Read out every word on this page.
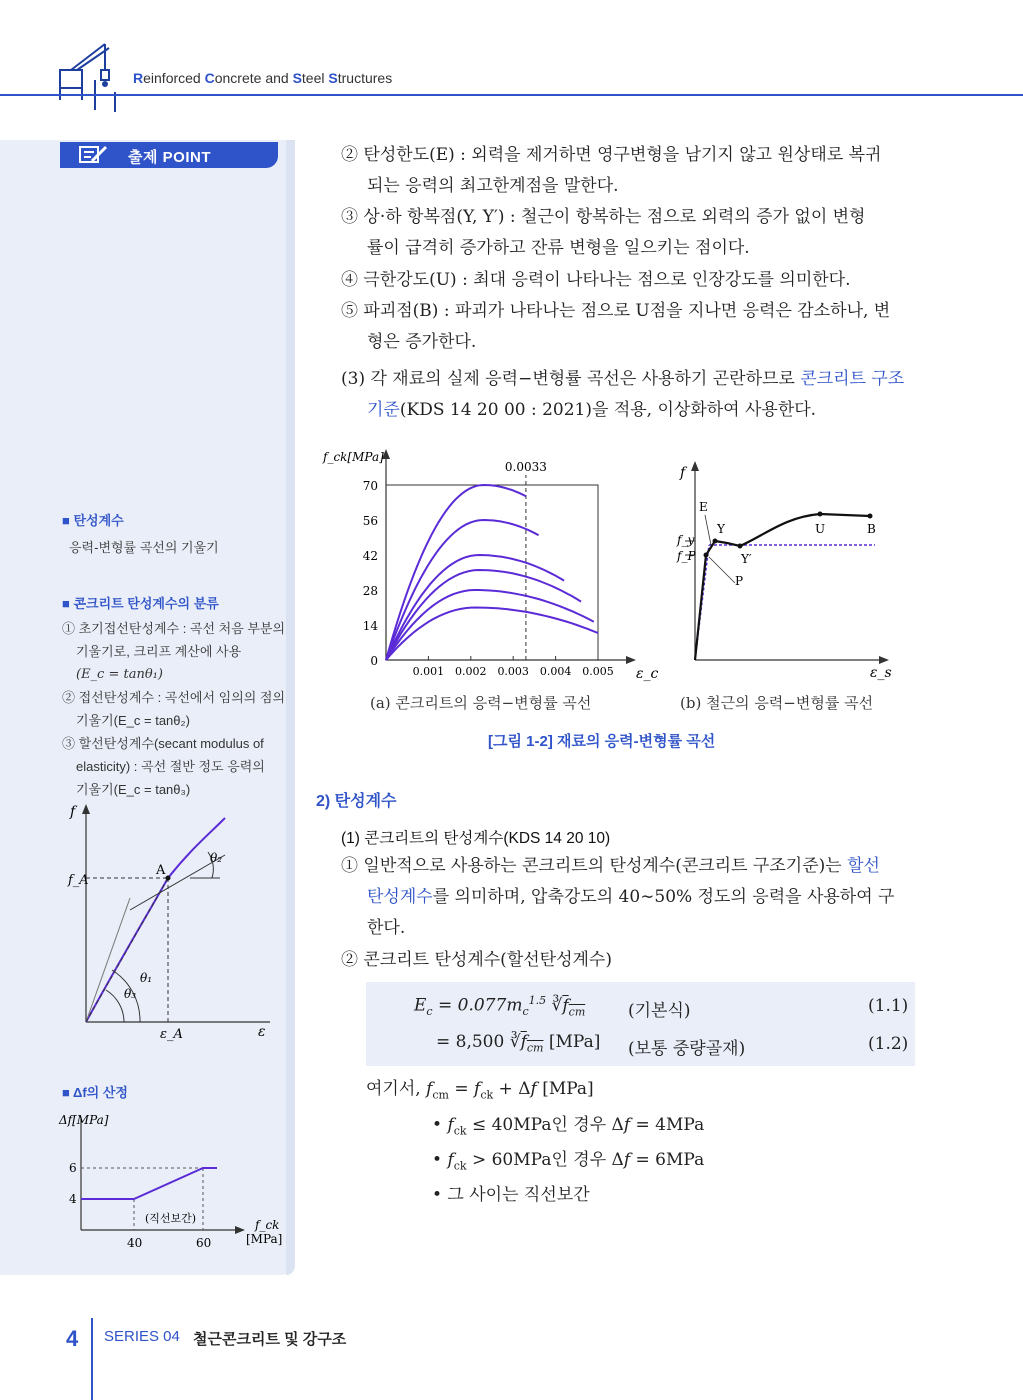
Reinforced Concrete and Steel Structures
출제 POINT
■ 탄성계수
응력-변형률 곡선의 기울기
■ 콘크리트 탄성계수의 분류
① 초기접선탄성계수 : 곡선 처음 부분의
기울기로, 크리프 계산에 사용
(E_c = tanθ₁)
② 접선탄성계수 : 곡선에서 임의의 점의
기울기(E_c = tanθ₂)
③ 할선탄성계수(secant modulus of
elasticity) : 곡선 절반 정도 응력의
기울기(E_c = tanθ₃)
f
f_A
A
θ₂
θ₁
θ₃
ε_A	ε
■ Δf의 산정
Δf[MPa]
6
4
40	60
(직선보간)	f_ck
[MPa]
② 탄성한도(E) : 외력을 제거하면 영구변형을 남기지 않고 원상태로 복귀
되는 응력의 최고한계점을 말한다.
③ 상·하 항복점(Y, Y′) : 철근이 항복하는 점으로 외력의 증가 없이 변형
률이 급격히 증가하고 잔류 변형을 일으키는 점이다.
④ 극한강도(U) : 최대 응력이 나타나는 점으로 인장강도를 의미한다.
⑤ 파괴점(B) : 파괴가 나타나는 점으로 U점을 지나면 응력은 감소하나, 변
형은 증가한다.
(3) 각 재료의 실제 응력−변형률 곡선은 사용하기 곤란하므로 콘크리트 구조
기준(KDS 14 20 00 : 2021)을 적용, 이상화하여 사용한다.
70
56
42
28
14
0
0.001 0.002 0.003 0.004 0.005
0.0033
f_ck[MPa]
ε_c
f
ε_s
E
Y	U	B
Y′
P
f_y
f_P
(a) 콘크리트의 응력−변형률 곡선	(b) 철근의 응력−변형률 곡선
[그림 1-2] 재료의 응력-변형률 곡선
2) 탄성계수
(1) 콘크리트의 탄성계수(KDS 14 20 10)
① 일반적으로 사용하는 콘크리트의 탄성계수(콘크리트 구조기준)는 할선
탄성계수를 의미하며, 압축강도의 40∼50% 정도의 응력을 사용하여 구
한다.
② 콘크리트 탄성계수(할선탄성계수)
$E_c = 0.077m_c^{1.5}$ $∛f_{cm}$	(기본식)	(1.1)
= 8,500 $∛f_{cm}$ [MPa] (보통 중량골재)	(1.2)
여기서, $f_{cm} = f_{ck} + \Delta f$ [MPa]
• $f_{ck} \le 40MPa$인 경우 Δf = 4MPa
• $f_{ck} > 60MPa$인 경우 Δf = 6MPa
• 그 사이는 직선보간
4 SERIES 04 철근콘크리트 및 강구조
